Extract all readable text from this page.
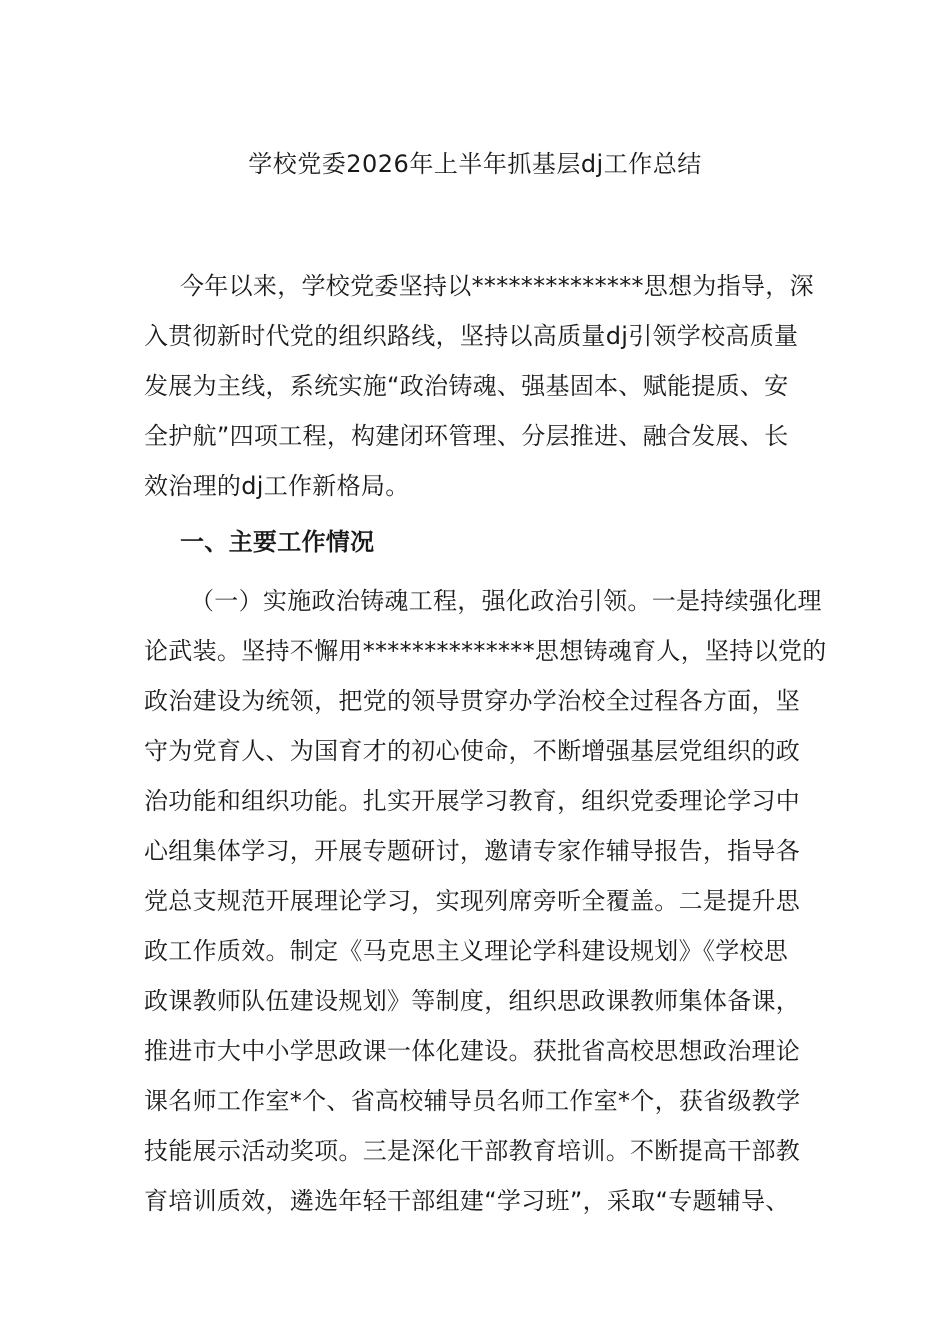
学校党委2026年上半年抓基层dj工作总结
今年以来，学校党委坚持以**************思想为指导，深
入贯彻新时代党的组织路线，坚持以高质量dj引领学校高质量
发展为主线，系统实施“政治铸魂、强基固本、赋能提质、安
全护航”四项工程，构建闭环管理、分层推进、融合发展、长
效治理的dj工作新格局。
一、主要工作情况
（一）实施政治铸魂工程，强化政治引领。一是持续强化理
论武装。坚持不懈用**************思想铸魂育人，坚持以党的
政治建设为统领，把党的领导贯穿办学治校全过程各方面，坚
守为党育人、为国育才的初心使命，不断增强基层党组织的政
治功能和组织功能。扎实开展学习教育，组织党委理论学习中
心组集体学习，开展专题研讨，邀请专家作辅导报告，指导各
党总支规范开展理论学习，实现列席旁听全覆盖。二是提升思
政工作质效。制定《马克思主义理论学科建设规划》《学校思
政课教师队伍建设规划》等制度，组织思政课教师集体备课，
推进市大中小学思政课一体化建设。获批省高校思想政治理论
课名师工作室*个、省高校辅导员名师工作室*个，获省级教学
技能展示活动奖项。三是深化干部教育培训。不断提高干部教
育培训质效，遴选年轻干部组建“学习班”，采取“专题辅导、
